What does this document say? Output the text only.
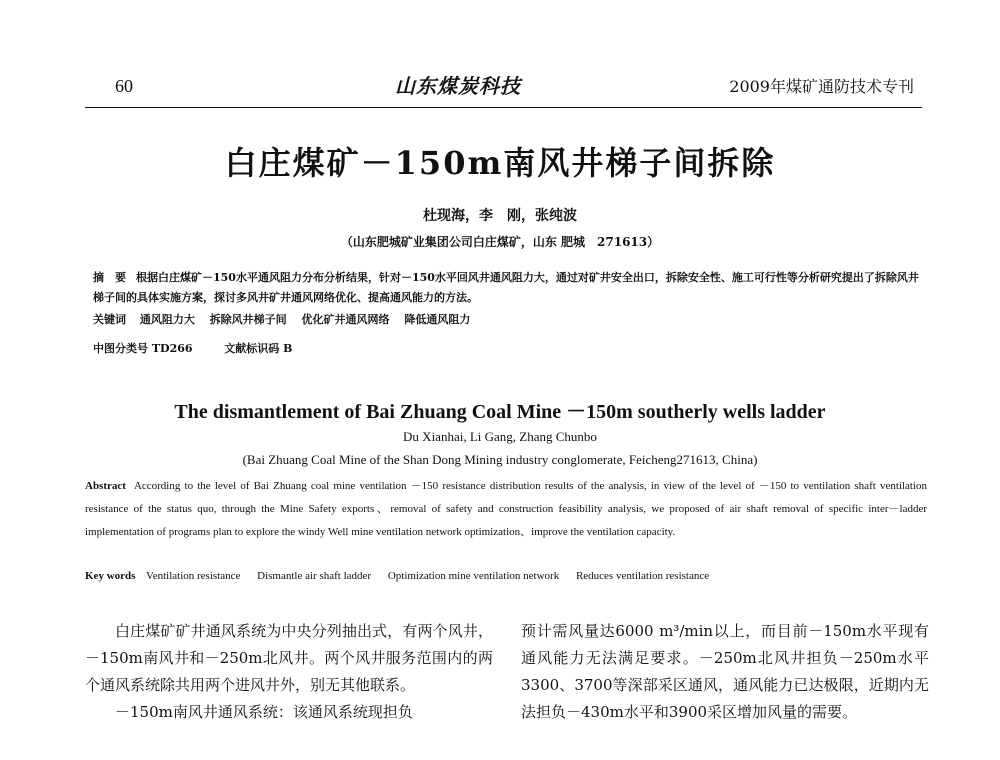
60	山东煤炭科技	2009年煤矿通防技术专刊
白庄煤矿－150m南风井梯子间拆除
杜现海，李　刚，张纯波
（山东肥城矿业集团公司白庄煤矿，山东 肥城　271613）
摘　要 根据白庄煤矿－150水平通风阻力分布分析结果，针对－150水平回风井通风阻力大，通过对矿井安全出口，拆除安全性、施工可行性等分析研究提出了拆除风井梯子间的具体实施方案，探讨多风井矿井通风网络优化、提高通风能力的方法。
关键词 通风阻力大　 拆除风井梯子间　 优化矿井通风网络　 降低通风阻力
中图分类号 TD266	文献标识码 B
The dismantlement of Bai Zhuang Coal Mine －150m southerly wells ladder
Du Xianhai, Li Gang, Zhang Chunbo
(Bai Zhuang Coal Mine of the Shan Dong Mining industry conglomerate, Feicheng271613, China)
Abstract According to the level of Bai Zhuang coal mine ventilation －150 resistance distribution results of the analysis, in view of the level of －150 to ventilation shaft ventilation resistance of the status quo, through the Mine Safety exports、removal of safety and construction feasibility analysis, we proposed of air shaft removal of specific inter－ladder implementation of programs plan to explore the windy Well mine ventilation network optimization、improve the ventilation capacity.
Key words Ventilation resistance Dismantle air shaft ladder Optimization mine ventilation network Reduces ventilation resistance

白庄煤矿矿井通风系统为中央分列抽出式，有两个风井，－150m南风井和－250m北风井。两个风井服务范围内的两个通风系统除共用两个进风井外，别无其他联系。

－150m南风井通风系统：该通风系统现担负

预计需风量达6000 m³/min以上，而目前－150m水平现有通风能力无法满足要求。－250m北风井担负－250m水平3300、3700等深部采区通风，通风能力已达极限，近期内无法担负－430m水平和3900采区增加风量的需要。
